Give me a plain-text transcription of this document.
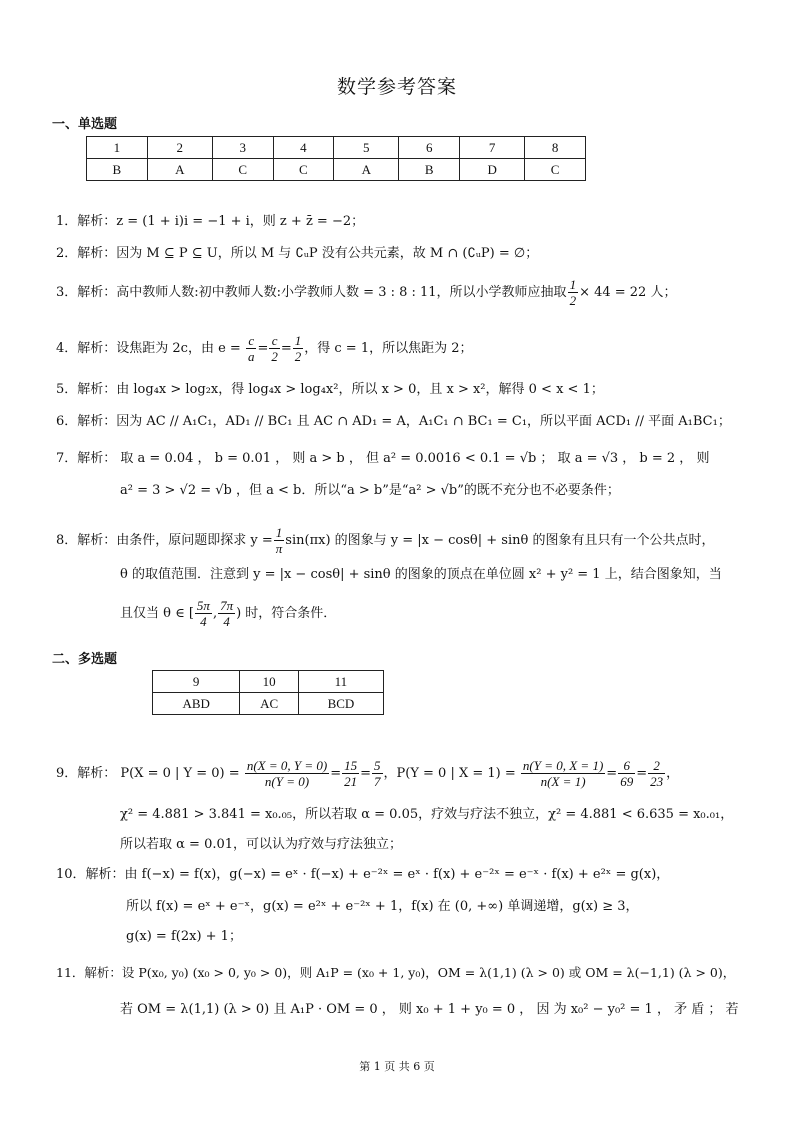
数学参考答案
一、单选题
1	2	3	4	5	6	7	8
B	A	C	C	A	B	D	C
1．解析：z = (1 + i)i = −1 + i，则 z + z̄ = −2；
2．解析：因为 M ⊆ P ⊆ U，所以 M 与 ∁ᵤP 没有公共元素，故 M ∩ (∁ᵤP) = ∅；
3．解析：高中教师人数:初中教师人数:小学教师人数 = 3 : 8 : 11，所以小学教师应抽取 $\frac{1}{2} \times 44 = 22$ 人；
4．解析：设焦距为 2c，由 $e = \frac{c}{a} = \frac{c}{2} = \frac{1}{2}$ ，得 c = 1，所以焦距为 2；
5．解析：由 log₄x > log₂x，得 log₄x > log₄x²，所以 x > 0，且 x > x²，解得 0 < x < 1；
6．解析：因为 AC // A₁C₁，AD₁ // BC₁ 且 AC ∩ AD₁ = A，A₁C₁ ∩ BC₁ = C₁，所以平面 ACD₁ // 平面 A₁BC₁；
7．解析： 取 a = 0.04 ， b = 0.01 ， 则 a > b ， 但 a² = 0.0016 < 0.1 = √b ； 取 a = √3 ， b = 2 ， 则
a² = 3 > √2 = √b ，但 a < b．所以“a > b”是“a² > √b”的既不充分也不必要条件；
8．解析：由条件，原问题即探求 $y = \frac{1}{\pi} \sin(\pi x)$ 的图象与 y = |x − cosθ| + sinθ 的图象有且只有一个公共点时，
θ 的取值范围．注意到 y = |x − cosθ| + sinθ 的图象的顶点在单位圆 x² + y² = 1 上，结合图象知，当
且仅当 θ ∈ [ $\frac{5\pi}{4}$ , $\frac{7\pi}{4}$ ) 时，符合条件．
二、多选题
9	10	11
ABD	AC	BCD
9．解析： P(X = 0 | $Y = 0) = \frac{n(X = 0, Y = 0)}{n(Y = 0)} = \frac{15}{21} = \frac{5}{7}$ ，P(Y = 0 | $X = 1) = \frac{n(Y = 0, X = 1)}{n(X = 1)} = \frac{6}{69} = \frac{2}{23}$ ，
χ² = 4.881 > 3.841 = x₀.₀₅，所以若取 α = 0.05，疗效与疗法不独立，χ² = 4.881 < 6.635 = x₀.₀₁，
所以若取 α = 0.01，可以认为疗效与疗法独立；
10．解析：由 f(−x) = f(x)，g(−x) = eˣ · f(−x) + e⁻²ˣ = eˣ · f(x) + e⁻²ˣ = e⁻ˣ · f(x) + e²ˣ = g(x)，
所以 f(x) = eˣ + e⁻ˣ，g(x) = e²ˣ + e⁻²ˣ + 1，f(x) 在 (0, +∞) 单调递增，g(x) ≥ 3，
g(x) = f(2x) + 1；
11．解析：设 P(x₀, y₀) (x₀ > 0, y₀ > 0)，则 A₁P = (x₀ + 1, y₀)，OM = λ(1,1) (λ > 0) 或 OM = λ(−1,1) (λ > 0)，
若 OM = λ(1,1) (λ > 0) 且 A₁P · OM = 0 ， 则 x₀ + 1 + y₀ = 0 ， 因 为 x₀² − y₀² = 1 ， 矛 盾 ； 若
第 1 页 共 6 页
